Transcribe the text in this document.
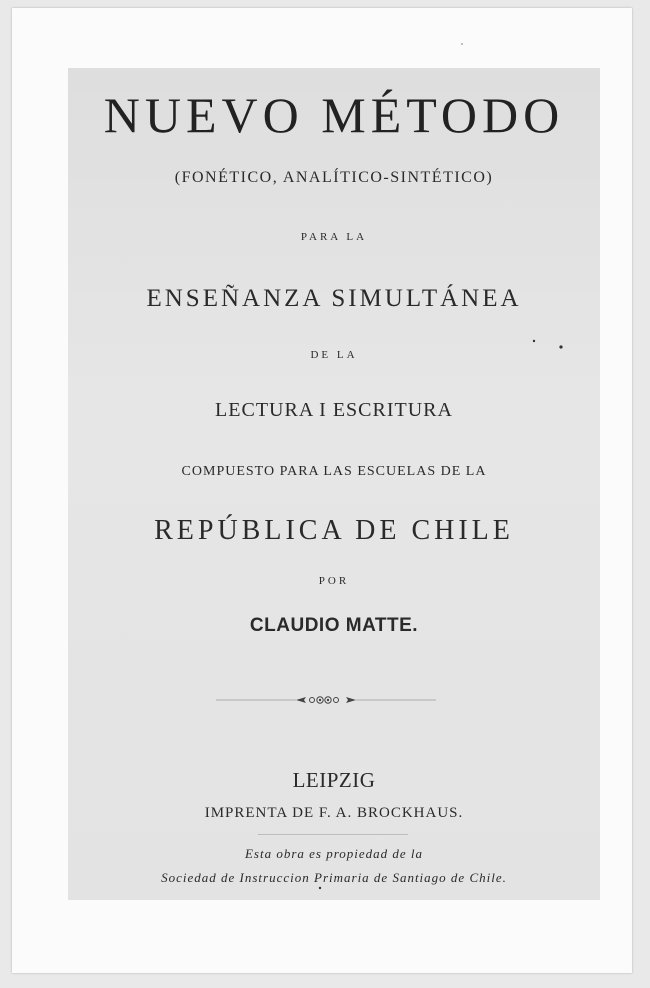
NUEVO MÉTODO
(FONÉTICO, ANALÍTICO-SINTÉTICO)
PARA LA
ENSEÑANZA SIMULTÁNEA
DE LA
LECTURA I ESCRITURA
COMPUESTO PARA LAS ESCUELAS DE LA
REPÚBLICA DE CHILE
POR
CLAUDIO MATTE.
LEIPZIG
IMPRENTA DE F. A. BROCKHAUS.
Esta obra es propiedad de la
Sociedad de Instruccion Primaria de Santiago de Chile.
